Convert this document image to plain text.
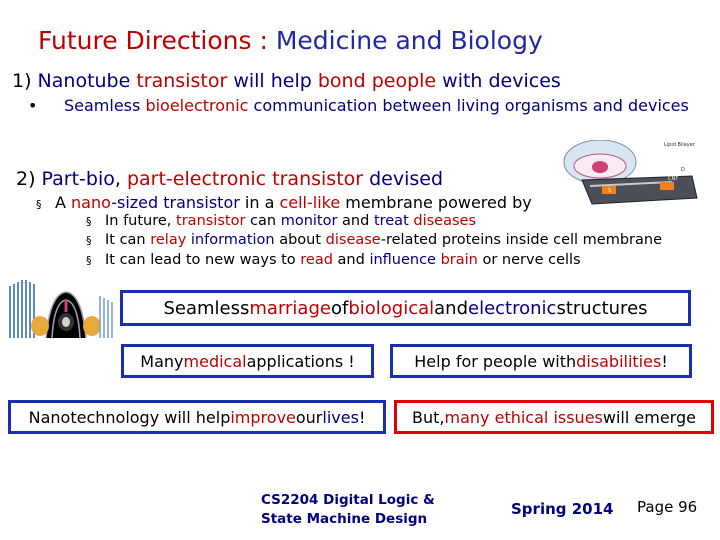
Future Directions : Medicine and Biology
1) Nanotube transistor will help bond people with devices
• Seamless bioelectronic communication between living organisms and devices
Lipid Bilayer
CNT
D
S
2) Part-bio, part-electronic transistor devised
§ A nano-sized transistor in a cell-like membrane powered by
§ In future, transistor can monitor and treat diseases
§ It can relay information about disease-related proteins inside cell membrane
§ It can lead to new ways to read and influence brain or nerve cells
Seamless marriage of biological and electronic structures
Many medical applications !	Help for people with disabilities !
Nanotechnology will help improve our lives !	But, many ethical issues will emerge
CS2204 Digital Logic & State Machine Design
Spring 2014 Page 96
